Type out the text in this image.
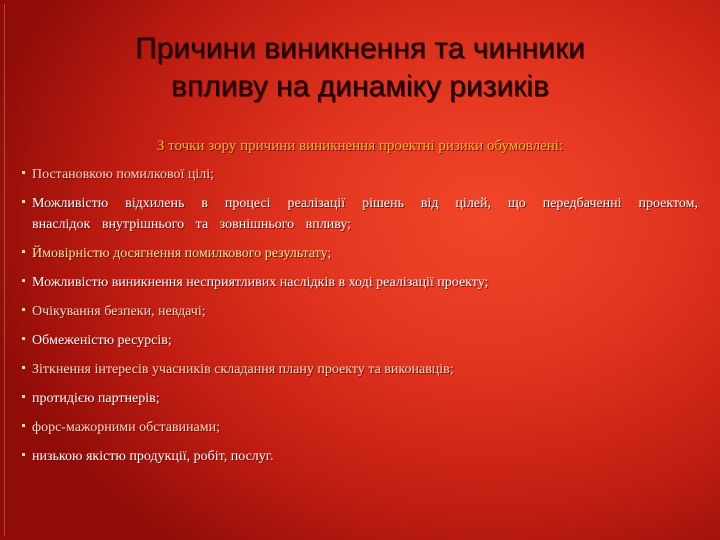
Причини виникнення та чинники
впливу на динаміку ризиків
З точки зору причини виникнення проектні ризики обумовлені:
Постановкою помилкової цілі;
Можливістю відхилень в процесі реалізації рішень від цілей, що передбаченні проектом, внаслідок внутрішнього та зовнішнього впливу;
Ймовірністю досягнення помилкового результату;
Можливістю виникнення несприятливих наслідків в ході реалізації проекту;
Очікування безпеки, невдачі;
Обмеженістю ресурсів;
Зіткнення інтересів учасників складання плану проекту та виконавців;
протидією партнерів;
форс-мажорними обставинами;
низькою якістю продукції, робіт, послуг.
